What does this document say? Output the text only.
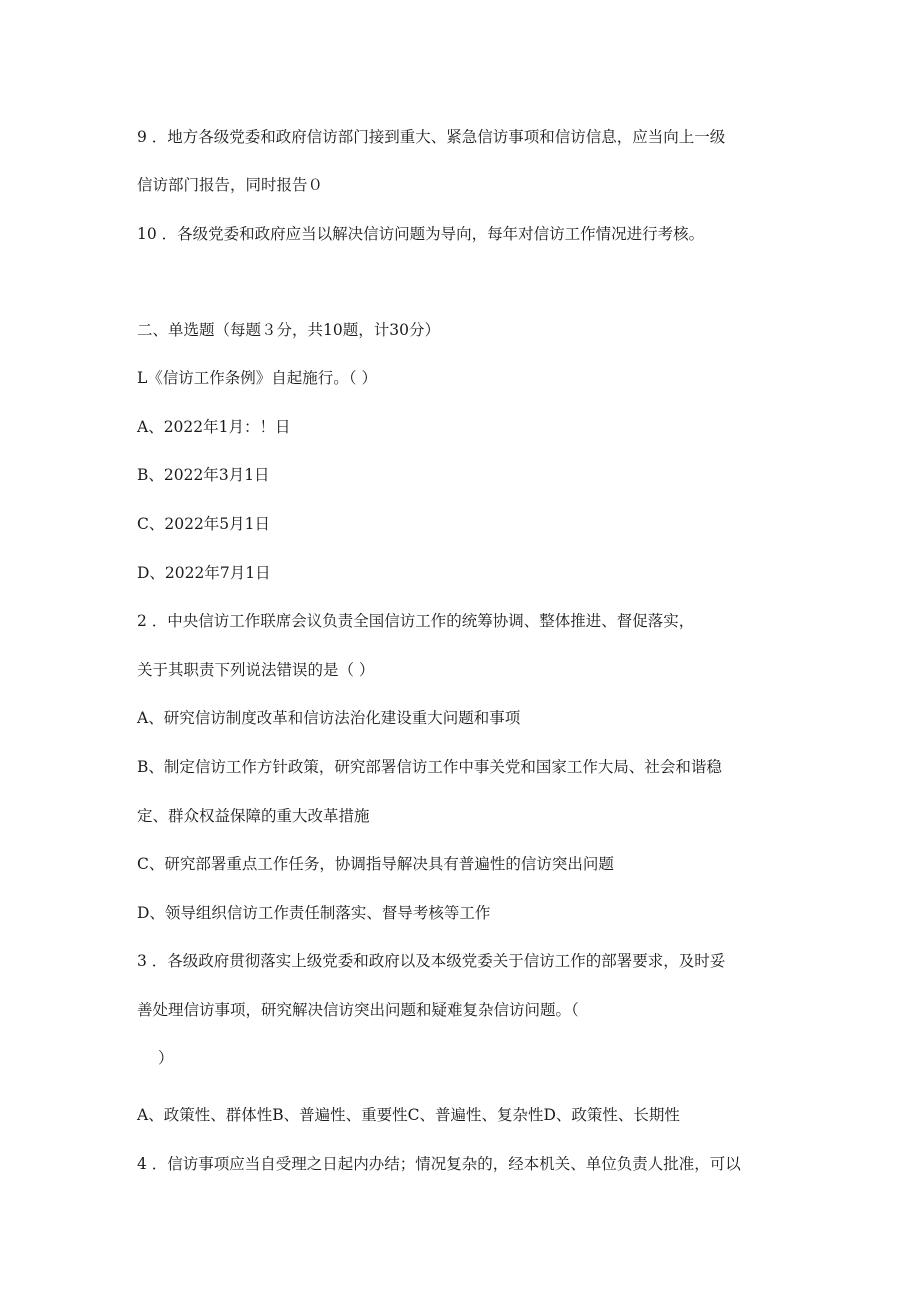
9 ．地方各级党委和政府信访部门接到重大、紧急信访事项和信访信息，应当向上一级
信访部门报告，同时报告０
10 ．各级党委和政府应当以解决信访问题为导向，每年对信访工作情况进行考核。
二、单选题（每题３分，共10题，计30分）
L《信访工作条例》自起施行。（ ）
A、2022年1月：！日
B、2022年3月1日
C、2022年5月1日
D、2022年7月1日
2 ．中央信访工作联席会议负责全国信访工作的统筹协调、整体推进、督促落实，
关于其职责下列说法错误的是（ ）
A、研究信访制度改革和信访法治化建设重大问题和事项
B、制定信访工作方针政策，研究部署信访工作中事关党和国家工作大局、社会和谐稳
定、群众权益保障的重大改革措施
C、研究部署重点工作任务，协调指导解决具有普遍性的信访突出问题
D、领导组织信访工作责任制落实、督导考核等工作
3 ．各级政府贯彻落实上级党委和政府以及本级党委关于信访工作的部署要求，及时妥
善处理信访事项，研究解决信访突出问题和疑难复杂信访问题。（
）
A、政策性、群体性B、普遍性、重要性C、普遍性、复杂性D、政策性、长期性
4 ．信访事项应当自受理之日起内办结；情况复杂的，经本机关、单位负责人批准，可以
